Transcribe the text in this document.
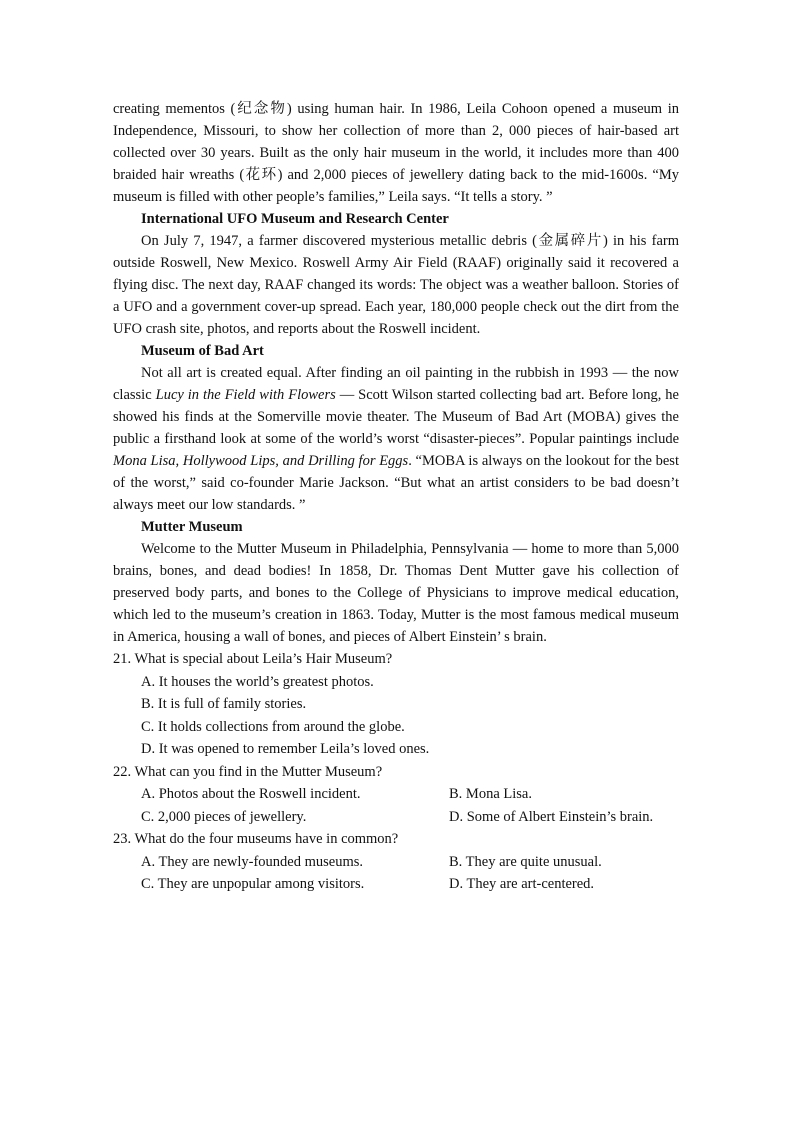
creating mementos (纪念物) using human hair. In 1986, Leila Cohoon opened a museum in Independence, Missouri, to show her collection of more than 2, 000 pieces of hair-based art collected over 30 years. Built as the only hair museum in the world, it includes more than 400 braided hair wreaths (花环) and 2,000 pieces of jewellery dating back to the mid-1600s. “My museum is filled with other people’s families,” Leila says. “It tells a story. ”

International UFO Museum and Research Center

On July 7, 1947, a farmer discovered mysterious metallic debris (金属碎片) in his farm outside Roswell, New Mexico. Roswell Army Air Field (RAAF) originally said it recovered a flying disc. The next day, RAAF changed its words: The object was a weather balloon. Stories of a UFO and a government cover-up spread. Each year, 180,000 people check out the dirt from the UFO crash site, photos, and reports about the Roswell incident.

Museum of Bad Art

Not all art is created equal. After finding an oil painting in the rubbish in 1993 — the now classic Lucy in the Field with Flowers — Scott Wilson started collecting bad art. Before long, he showed his finds at the Somerville movie theater. The Museum of Bad Art (MOBA) gives the public a firsthand look at some of the world’s worst “disaster-pieces”. Popular paintings include Mona Lisa, Hollywood Lips, and Drilling for Eggs. “MOBA is always on the lookout for the best of the worst,” said co-founder Marie Jackson. “But what an artist considers to be bad doesn’t always meet our low standards. ”

Mutter Museum

Welcome to the Mutter Museum in Philadelphia, Pennsylvania — home to more than 5,000 brains, bones, and dead bodies! In 1858, Dr. Thomas Dent Mutter gave his collection of preserved body parts, and bones to the College of Physicians to improve medical education, which led to the museum’s creation in 1863. Today, Mutter is the most famous medical museum in America, housing a wall of bones, and pieces of Albert Einstein’ s brain.

21. What is special about Leila’s Hair Museum?
A. It houses the world’s greatest photos.
B. It is full of family stories.
C. It holds collections from around the globe.
D. It was opened to remember Leila’s loved ones.
22. What can you find in the Mutter Museum?
A. Photos about the Roswell incident.	B. Mona Lisa.
C. 2,000 pieces of jewellery.	D. Some of Albert Einstein’s brain.
23. What do the four museums have in common?
A. They are newly-founded museums.	B. They are quite unusual.
C. They are unpopular among visitors.	D. They are art-centered.
